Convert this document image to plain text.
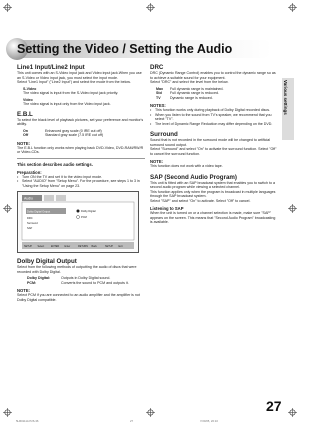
Setting the Video / Setting the Audio
Various settings

Line1 Input/Line2 Input

This unit comes with an S-Video input jack and Video input jack.When you use an S-Video or Video input jack, you must select the input mode.

Select "Line1 Input" ("Line2 Input") and select the mode from the below.

S-Video

The video signal is input from the S-Video input jack priority.

Video

The video signal is input only from the Video input jack.

E.B.L

To select the black level of playback pictures, set your preference and monitor's ability.

On	Enhanced gray scale (0 IRE cut off)
Off	Standard gray scale (7.5 IRE cut off)

NOTE:

The E.B.L function only works when playing back DVD-Video, DVD-RAM/RW/R or Video-CDs.

This section describes audio settings.

Preparation:

•	Turn ON the TV and set it to the video input mode.
•	Select "AUDIO" from "Setup Menu". For the procedure, see steps 1 to 3 in "Using the Setup Menu" on page 23.
Audio
Dolby Digital Output
DRC
Surround
SAP
Dolby Digital
PCM
SETUP Select	ENTER Enter	RETURN Back	SETUP Exit

Dolby Digital Output

Select from the following methods of outputting the audio of discs that were recorded with Dolby Digital.

Dolby Digital:	Outputs in Dolby Digital sound.
PCM:	Converts the sound to PCM and outputs it.

NOTE:

Select PCM if you are connected to an audio amplifier and the amplifier is not Dolby Digital compatible.

DRC

DRC (Dynamic Range Control) enables you to control the dynamic range so as to achieve a suitable sound for your equipment.

Select "DRC" and select the level from the below.

Max	Full dynamic range is maintained.
Std	Full dynamic range is reduced.
TV	Dynamic range is reduced.

NOTES:

•	This function works only during playback of Dolby Digital recorded discs.
•	When you listen to the sound from TV's speaker, we recommend that you select "TV".
•	The level of Dynamic Range Reduction may differ depending on the DVD.

Surround

Sound that is not recorded in the surround mode will be changed to artificial surround sound output.

Select "Surround" and select "On" to activate the surround function. Select "Off" to cancel the surround function.

NOTE:

This function does not work with a video tape.

SAP (Second Audio Program)

This unit is fitted with an SAP broadcast system that enables you to switch to a second audio program while viewing a selected channel.

This function applies only when the program is broadcast in multiple languages through the SAP broadcast system.

Select "SAP" and select "On" to activate. Select "Off" to cancel.

Listening to SAP

When the unit is turned on or a channel selection is made, make sure "SAP" appears on the screen. This means that "Second Audio Program" broadcasting is available.

27
5H60111A P26-36	27	7/20/05, 20:10
